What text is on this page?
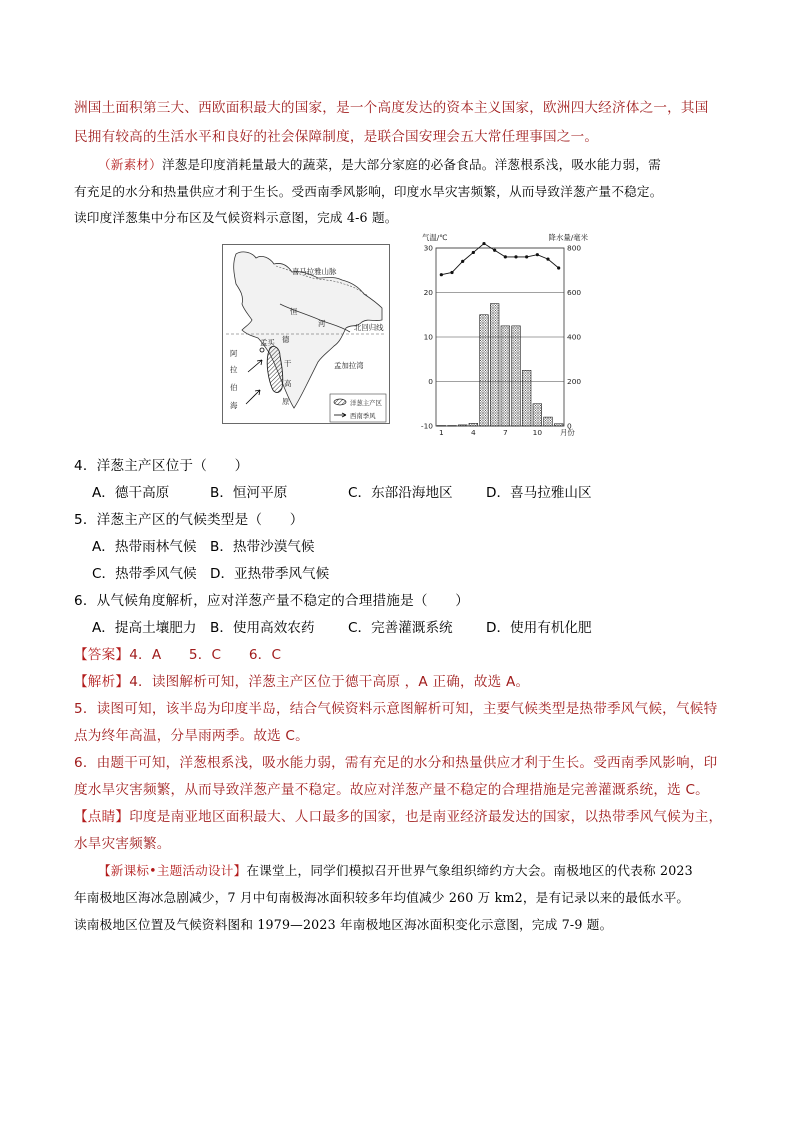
洲国土面积第三大、西欧面积最大的国家，是一个高度发达的资本主义国家，欧洲四大经济体之一，其国
民拥有较高的生活水平和良好的社会保障制度，是联合国安理会五大常任理事国之一。
（新素材）洋葱是印度消耗量最大的蔬菜，是大部分家庭的必备食品。洋葱根系浅，吸水能力弱，需
有充足的水分和热量供应才利于生长。受西南季风影响，印度水旱灾害频繁，从而导致洋葱产量不稳定。
读印度洋葱集中分布区及气候资料示意图，完成 4-6 题。
喜马拉雅山脉
恒
河	北回归线
孟买 德
干
高
原
阿
拉
伯
海
孟加拉湾
洋葱主产区
西南季风
30
20
10
0
-10
800
600
400
200
0
气温/℃	降水量/毫米
1	4	7	10 月份
4．洋葱主产区位于（　　）
A．德干高原	B．恒河平原	C．东部沿海地区 D．喜马拉雅山区
5．洋葱主产区的气候类型是（　　）
A．热带雨林气候 B．热带沙漠气候
C．热带季风气候 D．亚热带季风气候
6．从气候角度解析，应对洋葱产量不稳定的合理措施是（　　）
A．提高土壤肥力 B．使用高效农药 C．完善灌溉系统 D．使用有机化肥
【答案】4．A　　5．C　　6．C
【解析】4．读图解析可知，洋葱主产区位于德干高原 ，A 正确，故选 A。
5．读图可知，该半岛为印度半岛，结合气候资料示意图解析可知，主要气候类型是热带季风气候，气候特
点为终年高温，分旱雨两季。故选 C。
6．由题干可知，洋葱根系浅，吸水能力弱，需有充足的水分和热量供应才利于生长。受西南季风影响，印
度水旱灾害频繁，从而导致洋葱产量不稳定。故应对洋葱产量不稳定的合理措施是完善灌溉系统，选 C。
【点睛】印度是南亚地区面积最大、人口最多的国家，也是南亚经济最发达的国家，以热带季风气候为主，
水旱灾害频繁。
【新课标•主题活动设计】在课堂上，同学们模拟召开世界气象组织缔约方大会。南极地区的代表称 2023
年南极地区海冰急剧减少，7 月中旬南极海冰面积较多年均值减少 260 万 km2，是有记录以来的最低水平。
读南极地区位置及气候资料图和 1979—2023 年南极地区海冰面积变化示意图，完成 7-9 题。
